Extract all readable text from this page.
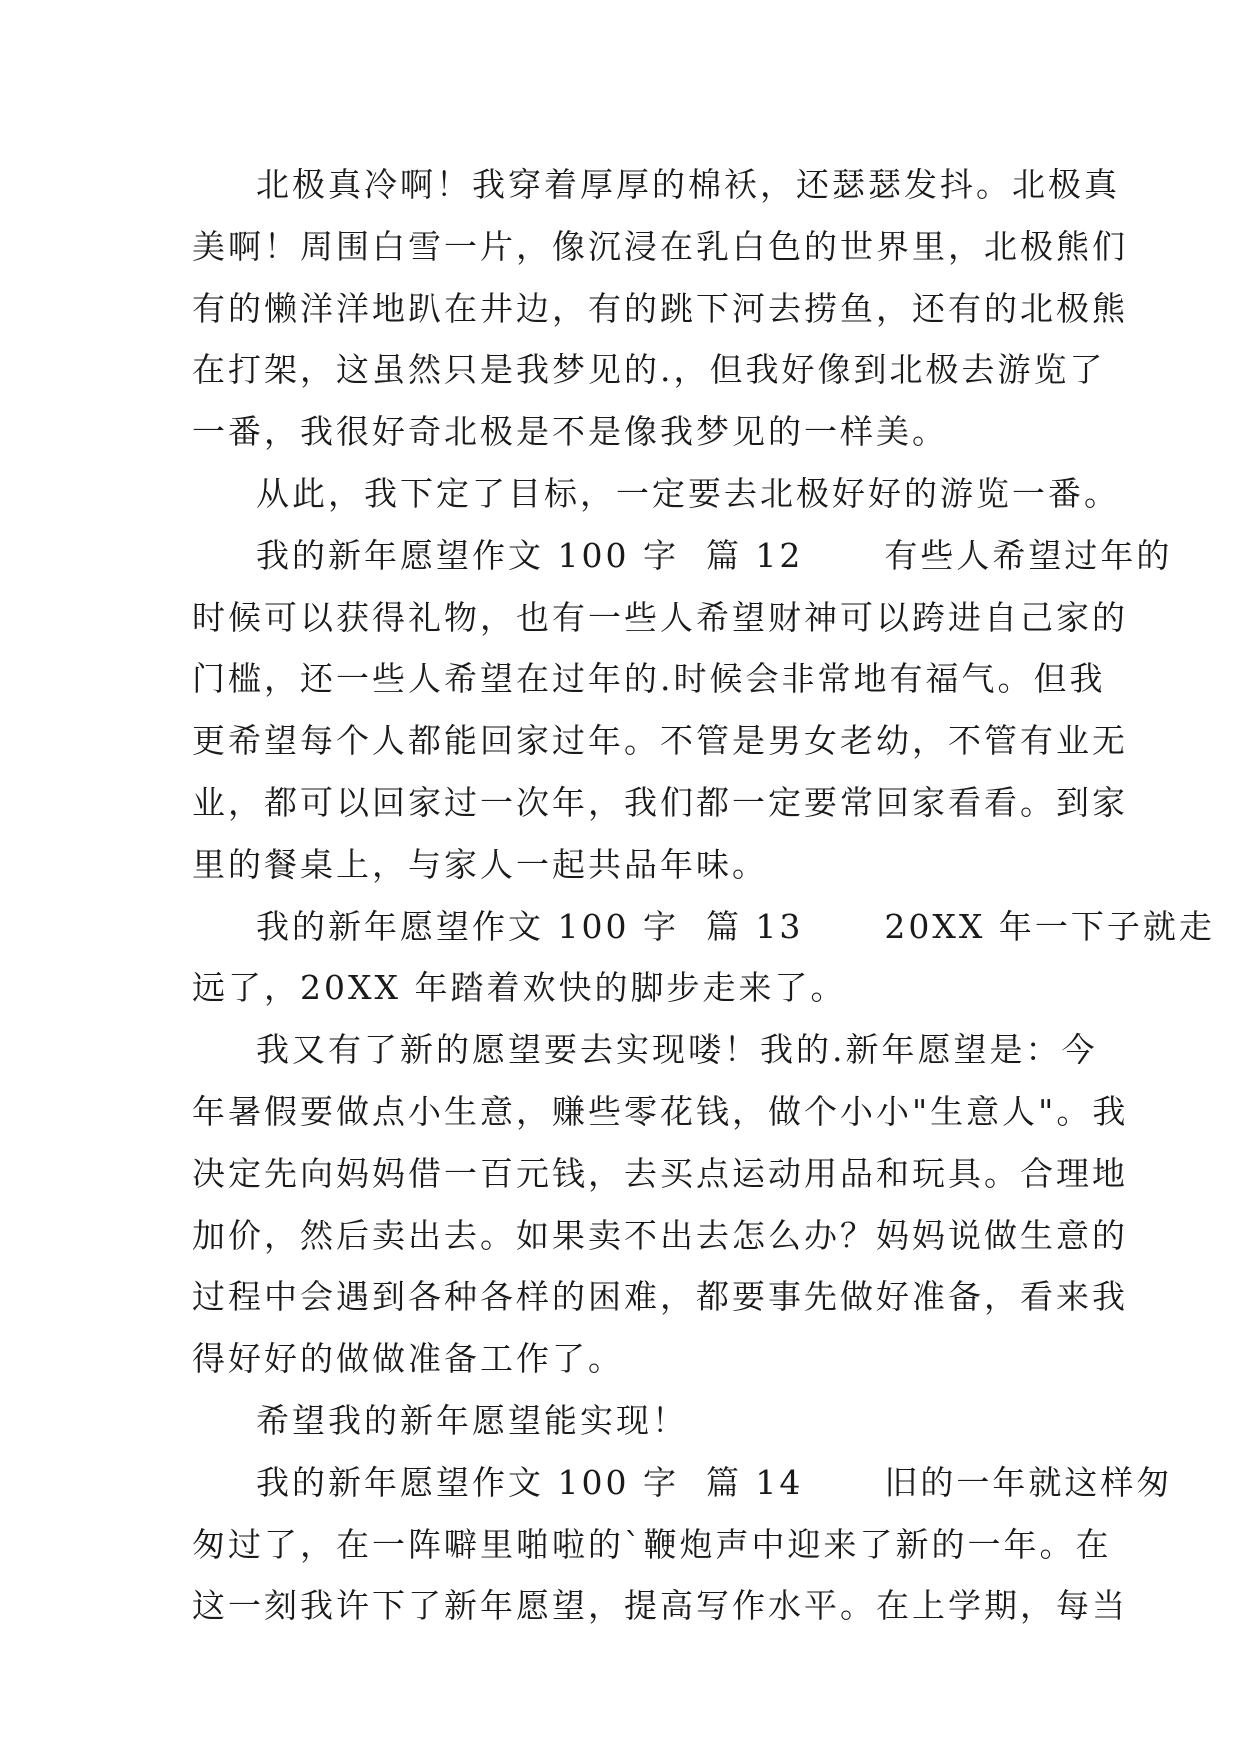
北极真冷啊！我穿着厚厚的棉袄，还瑟瑟发抖。北极真
美啊！周围白雪一片，像沉浸在乳白色的世界里，北极熊们
有的懒洋洋地趴在井边，有的跳下河去捞鱼，还有的北极熊
在打架，这虽然只是我梦见的.，但我好像到北极去游览了
一番，我很好奇北极是不是像我梦见的一样美。

从此，我下定了目标，一定要去北极好好的游览一番。

我的新年愿望作文 100 字  篇 12      有些人希望过年的
时候可以获得礼物，也有一些人希望财神可以跨进自己家的
门槛，还一些人希望在过年的.时候会非常地有福气。但我
更希望每个人都能回家过年。不管是男女老幼，不管有业无
业，都可以回家过一次年，我们都一定要常回家看看。到家
里的餐桌上，与家人一起共品年味。

我的新年愿望作文 100 字  篇 13      20XX 年一下子就走
远了，20XX 年踏着欢快的脚步走来了。

我又有了新的愿望要去实现喽！我的.新年愿望是：今
年暑假要做点小生意，赚些零花钱，做个小小"生意人"。我
决定先向妈妈借一百元钱，去买点运动用品和玩具。合理地
加价，然后卖出去。如果卖不出去怎么办？妈妈说做生意的
过程中会遇到各种各样的困难，都要事先做好准备，看来我
得好好的做做准备工作了。

希望我的新年愿望能实现！

我的新年愿望作文 100 字  篇 14      旧的一年就这样匆
匆过了，在一阵噼里啪啦的`鞭炮声中迎来了新的一年。在
这一刻我许下了新年愿望，提高写作水平。在上学期，每当
